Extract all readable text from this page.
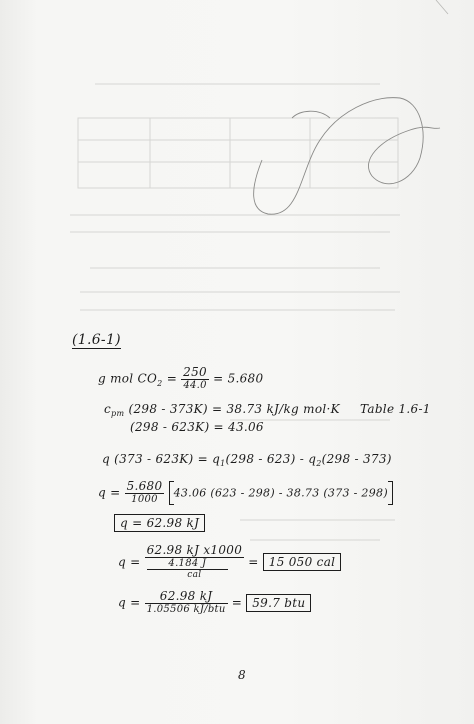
(1.6-1)
g mol $CO_2 = \frac{250}{44.0} = 5.680$
$c_{pm}$ (298 - 373K) = 38.73 kJ/kg mol·K Table 1.6-1
(298 - 623K) = 43.06
q $(373 - 623K) = q_1(298 - 623) - q_2(298 - 373)$
$q = \frac{5.680}{1000} 43.06$ (623 - 298) - 38.73 (373 - 298)
q = 62.98 kJ
q = 62.98 kJ x1000
4.184 J
cal = 15 050 cal
$q = \frac{62.98 kJ}{\text{1.05506 kJ/btu}} = 59.7$ btu
8
